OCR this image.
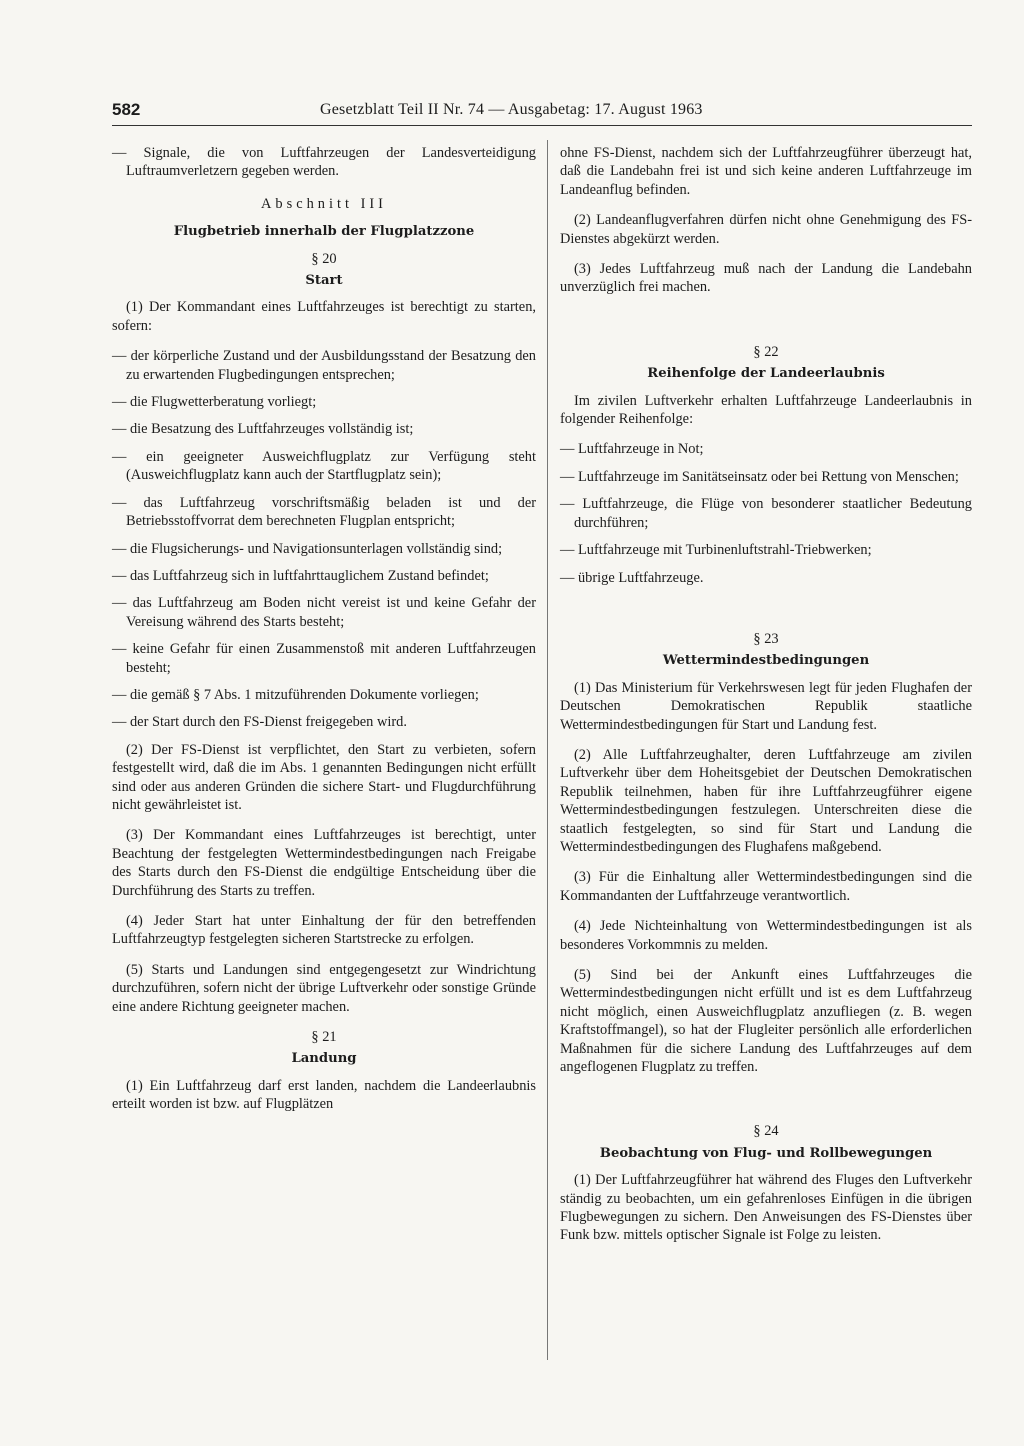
582	Gesetzblatt Teil II Nr. 74 — Ausgabetag: 17. August 1963

— Signale, die von Luftfahrzeugen der Landesverteidigung Luftraumverletzern gegeben werden.

Abschnitt III

Flugbetrieb innerhalb der Flugplatzzone

§ 20

Start

(1) Der Kommandant eines Luftfahrzeuges ist berechtigt zu starten, sofern:

— der körperliche Zustand und der Ausbildungsstand der Besatzung den zu erwartenden Flugbedingungen entsprechen;

— die Flugwetterberatung vorliegt;

— die Besatzung des Luftfahrzeuges vollständig ist;

— ein geeigneter Ausweichflugplatz zur Verfügung steht (Ausweichflugplatz kann auch der Startflugplatz sein);

— das Luftfahrzeug vorschriftsmäßig beladen ist und der Betriebsstoffvorrat dem berechneten Flugplan entspricht;

— die Flugsicherungs- und Navigationsunterlagen vollständig sind;

— das Luftfahrzeug sich in luftfahrttauglichem Zustand befindet;

— das Luftfahrzeug am Boden nicht vereist ist und keine Gefahr der Vereisung während des Starts besteht;

— keine Gefahr für einen Zusammenstoß mit anderen Luftfahrzeugen besteht;

— die gemäß § 7 Abs. 1 mitzuführenden Dokumente vorliegen;

— der Start durch den FS-Dienst freigegeben wird.

(2) Der FS-Dienst ist verpflichtet, den Start zu verbieten, sofern festgestellt wird, daß die im Abs. 1 genannten Bedingungen nicht erfüllt sind oder aus anderen Gründen die sichere Start- und Flugdurchführung nicht gewährleistet ist.

(3) Der Kommandant eines Luftfahrzeuges ist berechtigt, unter Beachtung der festgelegten Wettermindestbedingungen nach Freigabe des Starts durch den FS-Dienst die endgültige Entscheidung über die Durchführung des Starts zu treffen.

(4) Jeder Start hat unter Einhaltung der für den betreffenden Luftfahrzeugtyp festgelegten sicheren Startstrecke zu erfolgen.

(5) Starts und Landungen sind entgegengesetzt zur Windrichtung durchzuführen, sofern nicht der übrige Luftverkehr oder sonstige Gründe eine andere Richtung geeigneter machen.

§ 21

Landung

(1) Ein Luftfahrzeug darf erst landen, nachdem die Landeerlaubnis erteilt worden ist bzw. auf Flugplätzen

ohne FS-Dienst, nachdem sich der Luftfahrzeugführer überzeugt hat, daß die Landebahn frei ist und sich keine anderen Luftfahrzeuge im Landeanflug befinden.

(2) Landeanflugverfahren dürfen nicht ohne Genehmigung des FS-Dienstes abgekürzt werden.

(3) Jedes Luftfahrzeug muß nach der Landung die Landebahn unverzüglich frei machen.

§ 22

Reihenfolge der Landeerlaubnis

Im zivilen Luftverkehr erhalten Luftfahrzeuge Landeerlaubnis in folgender Reihenfolge:

— Luftfahrzeuge in Not;

— Luftfahrzeuge im Sanitätseinsatz oder bei Rettung von Menschen;

— Luftfahrzeuge, die Flüge von besonderer staatlicher Bedeutung durchführen;

— Luftfahrzeuge mit Turbinenluftstrahl-Triebwerken;

— übrige Luftfahrzeuge.

§ 23

Wettermindestbedingungen

(1) Das Ministerium für Verkehrswesen legt für jeden Flughafen der Deutschen Demokratischen Republik staatliche Wettermindestbedingungen für Start und Landung fest.

(2) Alle Luftfahrzeughalter, deren Luftfahrzeuge am zivilen Luftverkehr über dem Hoheitsgebiet der Deutschen Demokratischen Republik teilnehmen, haben für ihre Luftfahrzeugführer eigene Wettermindestbedingungen festzulegen. Unterschreiten diese die staatlich festgelegten, so sind für Start und Landung die Wettermindestbedingungen des Flughafens maßgebend.

(3) Für die Einhaltung aller Wettermindestbedingungen sind die Kommandanten der Luftfahrzeuge verantwortlich.

(4) Jede Nichteinhaltung von Wettermindestbedingungen ist als besonderes Vorkommnis zu melden.

(5) Sind bei der Ankunft eines Luftfahrzeuges die Wettermindestbedingungen nicht erfüllt und ist es dem Luftfahrzeug nicht möglich, einen Ausweichflugplatz anzufliegen (z. B. wegen Kraftstoffmangel), so hat der Flugleiter persönlich alle erforderlichen Maßnahmen für die sichere Landung des Luftfahrzeuges auf dem angeflogenen Flugplatz zu treffen.

§ 24

Beobachtung von Flug- und Rollbewegungen

(1) Der Luftfahrzeugführer hat während des Fluges den Luftverkehr ständig zu beobachten, um ein gefahrenloses Einfügen in die übrigen Flugbewegungen zu sichern. Den Anweisungen des FS-Dienstes über Funk bzw. mittels optischer Signale ist Folge zu leisten.
